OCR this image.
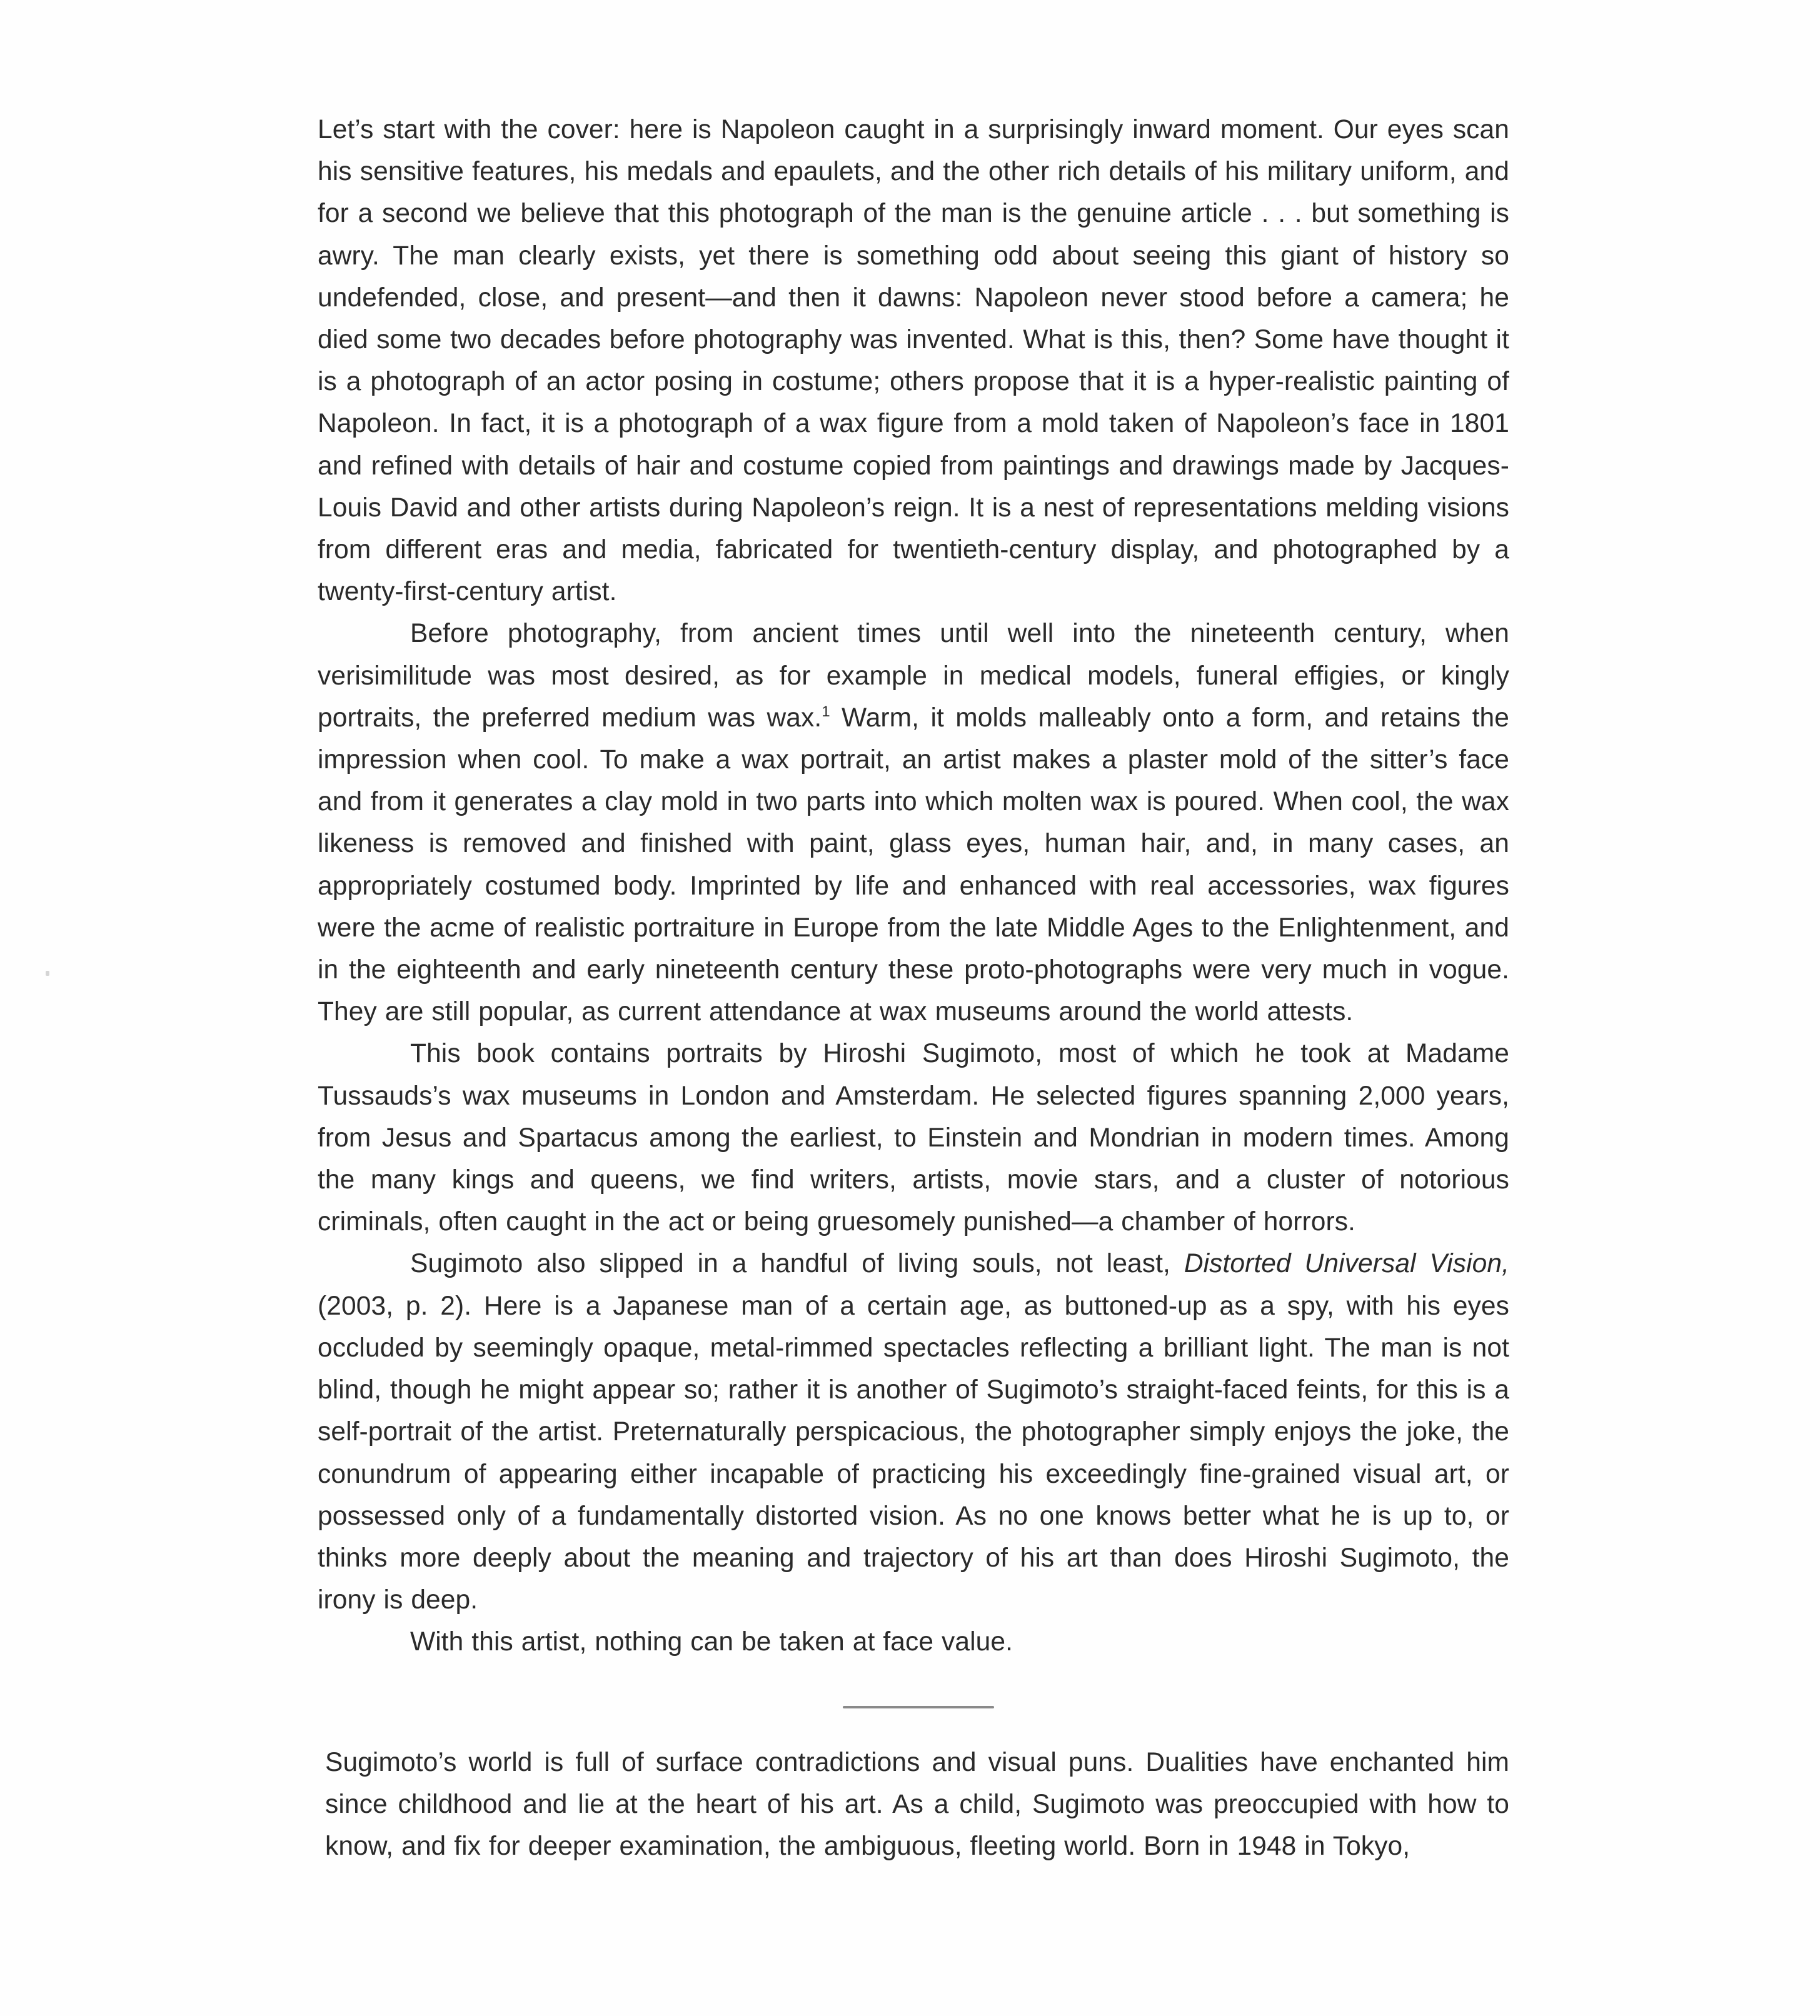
Let’s start with the cover: here is Napoleon caught in a surprisingly inward moment. Our eyes scan his sensitive features, his medals and epaulets, and the other rich details of his military uniform, and for a second we believe that this photograph of the man is the genuine article . . . but something is awry. The man clearly exists, yet there is something odd about seeing this giant of history so undefended, close, and present—and then it dawns: Napoleon never stood before a camera; he died some two decades before photography was invented. What is this, then? Some have thought it is a photograph of an actor posing in costume; others propose that it is a hyper-realistic painting of Napoleon. In fact, it is a photograph of a wax figure from a mold taken of Napoleon’s face in 1801 and refined with details of hair and costume copied from paintings and drawings made by Jacques-Louis David and other artists during Napoleon’s reign. It is a nest of representations melding visions from different eras and media, fabricated for twentieth-century display, and photographed by a twenty-first-century artist.

Before photography, from ancient times until well into the nineteenth century, when verisimilitude was most desired, as for example in medical models, funeral effigies, or kingly portraits, the preferred medium was wax.$^1$ Warm, it molds malleably onto a form, and retains the impression when cool. To make a wax portrait, an artist makes a plaster mold of the sitter’s face and from it generates a clay mold in two parts into which molten wax is poured. When cool, the wax likeness is removed and finished with paint, glass eyes, human hair, and, in many cases, an appropriately costumed body. Imprinted by life and enhanced with real accessories, wax figures were the acme of realistic portraiture in Europe from the late Middle Ages to the Enlightenment, and in the eighteenth and early nineteenth century these proto-photographs were very much in vogue. They are still popular, as current attendance at wax museums around the world attests.

This book contains portraits by Hiroshi Sugimoto, most of which he took at Madame Tussauds’s wax museums in London and Amsterdam. He selected figures spanning 2,000 years, from Jesus and Spartacus among the earliest, to Einstein and Mondrian in modern times. Among the many kings and queens, we find writers, artists, movie stars, and a cluster of notorious criminals, often caught in the act or being gruesomely punished—a chamber of horrors.

Sugimoto also slipped in a handful of living souls, not least, Distorted Universal Vision, (2003, p. 2). Here is a Japanese man of a certain age, as buttoned-up as a spy, with his eyes occluded by seemingly opaque, metal-rimmed spectacles reflecting a brilliant light. The man is not blind, though he might appear so; rather it is another of Sugimoto’s straight-faced feints, for this is a self-portrait of the artist. Preternaturally perspicacious, the photographer simply enjoys the joke, the conundrum of appearing either incapable of practicing his exceedingly fine-grained visual art, or possessed only of a fundamentally distorted vision. As no one knows better what he is up to, or thinks more deeply about the meaning and trajectory of his art than does Hiroshi Sugimoto, the irony is deep.

With this artist, nothing can be taken at face value.

Sugimoto’s world is full of surface contradictions and visual puns. Dualities have enchanted him since childhood and lie at the heart of his art. As a child, Sugimoto was preoccupied with how to know, and fix for deeper examination, the ambiguous, fleeting world. Born in 1948 in Tokyo,
